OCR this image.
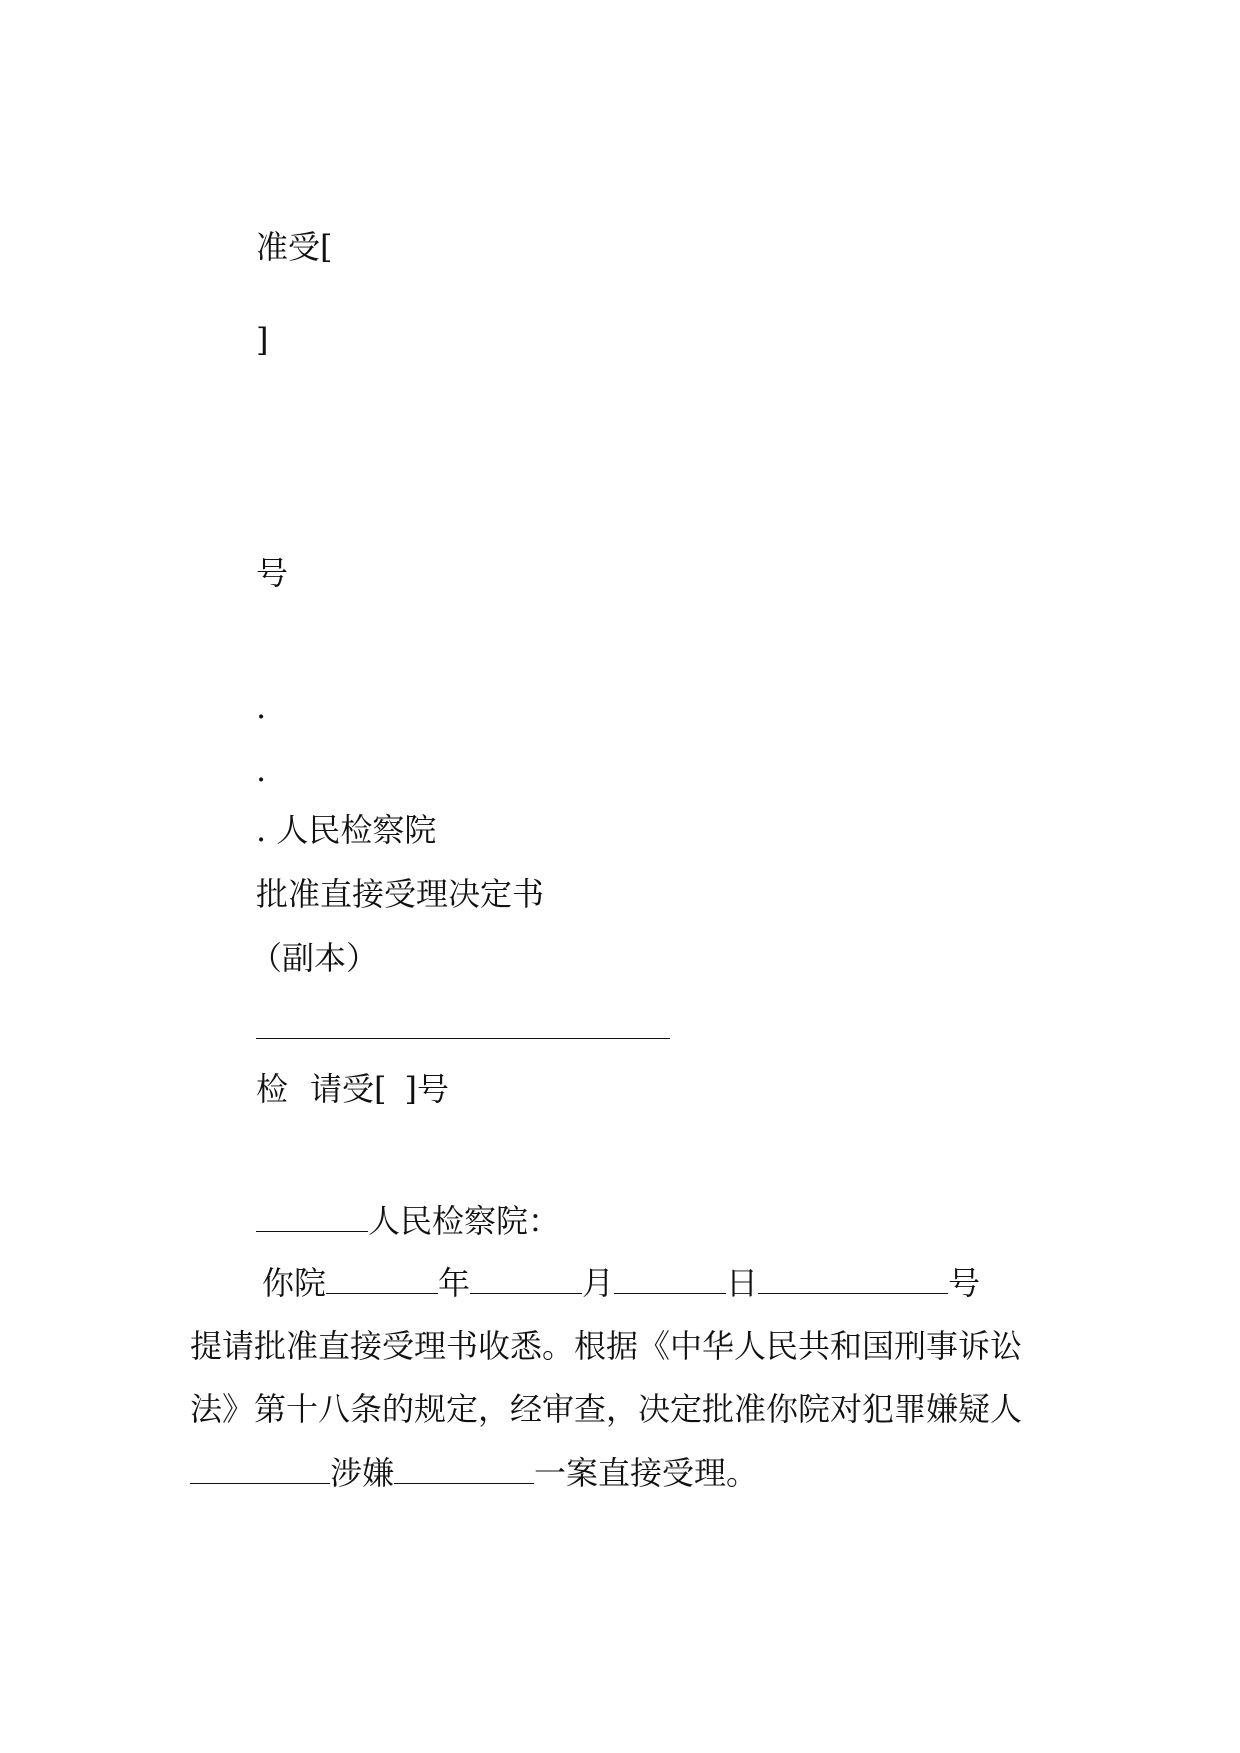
准受[
]
号
.
.
. 人民检察院
批准直接受理决定书
（副本）
检 请受[ ]号
人民检察院：
你院	年	月	日	号
提请批准直接受理书收悉。根据《中华人民共和国刑事诉讼
法》第十八条的规定，经审查，决定批准你院对犯罪嫌疑人
涉嫌	一案直接受理。
